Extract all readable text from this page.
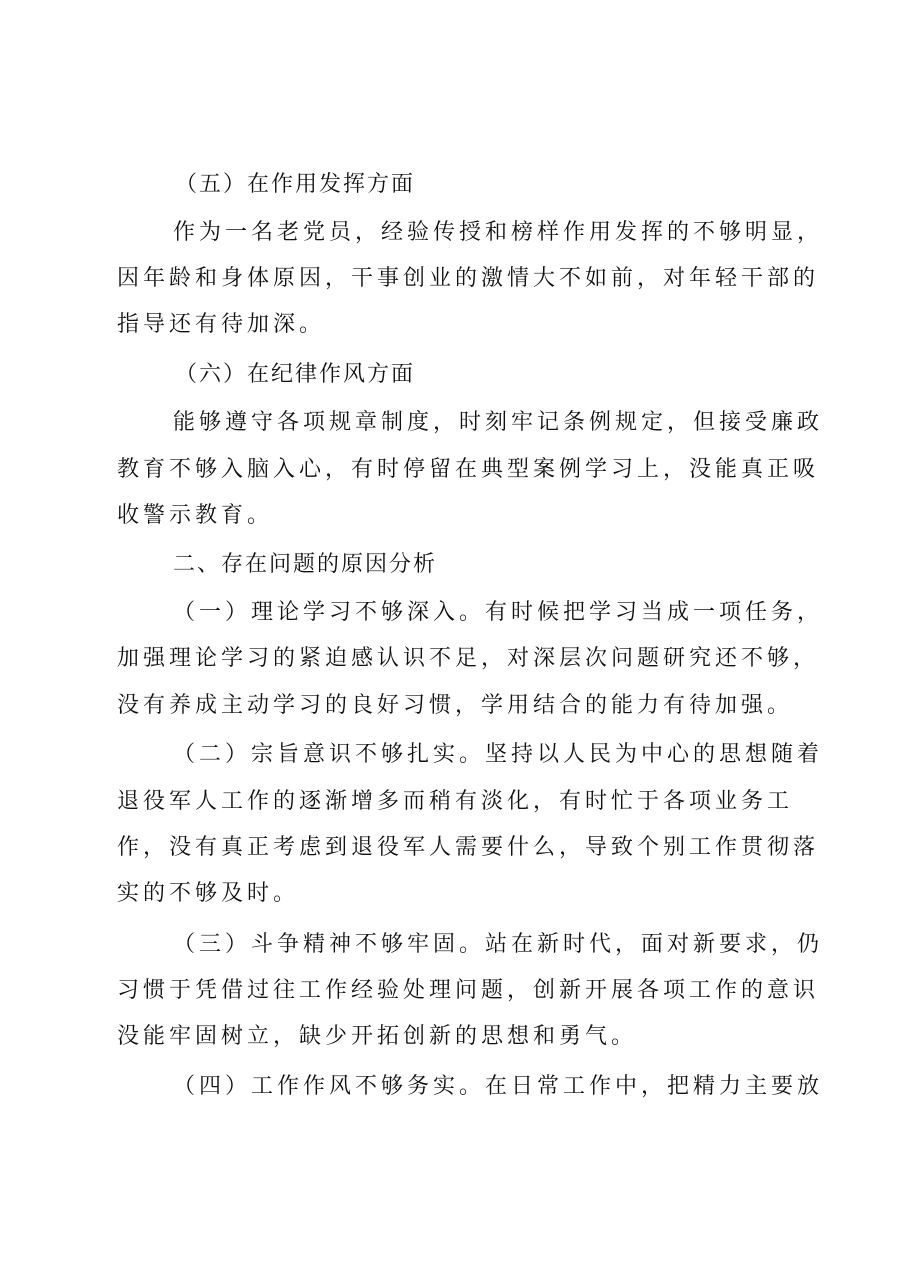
（五）在作用发挥方面
作为一名老党员，经验传授和榜样作用发挥的不够明显，
因年龄和身体原因，干事创业的激情大不如前，对年轻干部的
指导还有待加深。
（六）在纪律作风方面
能够遵守各项规章制度，时刻牢记条例规定，但接受廉政
教育不够入脑入心，有时停留在典型案例学习上，没能真正吸
收警示教育。
二、存在问题的原因分析
（一）理论学习不够深入。有时候把学习当成一项任务，
加强理论学习的紧迫感认识不足，对深层次问题研究还不够，
没有养成主动学习的良好习惯，学用结合的能力有待加强。
（二）宗旨意识不够扎实。坚持以人民为中心的思想随着
退役军人工作的逐渐增多而稍有淡化，有时忙于各项业务工
作，没有真正考虑到退役军人需要什么，导致个别工作贯彻落
实的不够及时。
（三）斗争精神不够牢固。站在新时代，面对新要求，仍
习惯于凭借过往工作经验处理问题，创新开展各项工作的意识
没能牢固树立，缺少开拓创新的思想和勇气。
（四）工作作风不够务实。在日常工作中，把精力主要放
